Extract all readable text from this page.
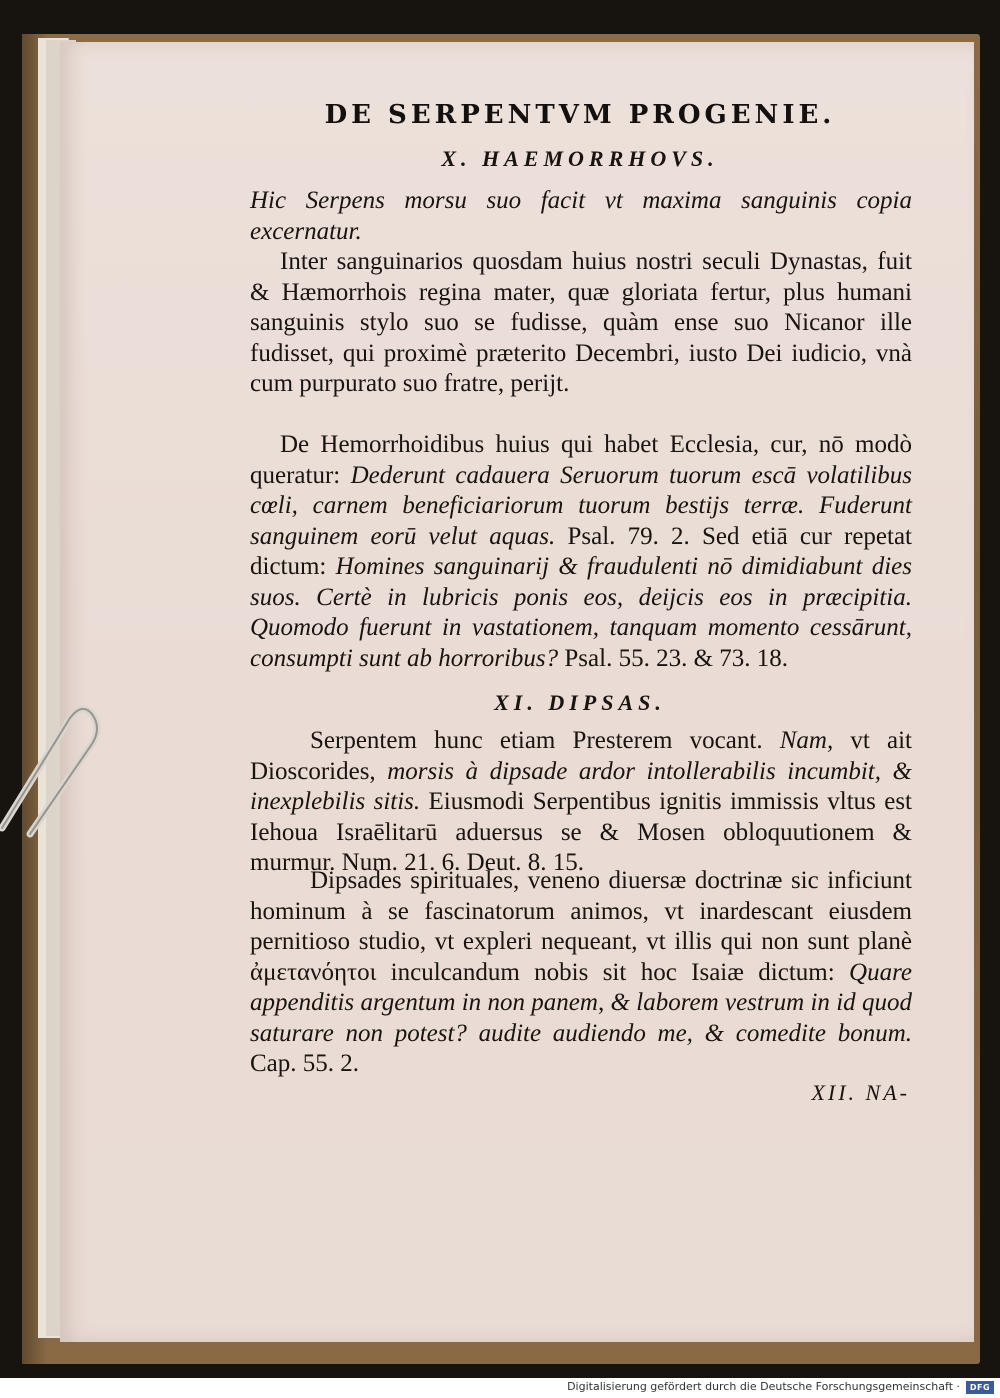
DE SERPENTVM PROGENIE.
X. HAEMORRHOVS.

Hic Serpens morsu suo facit vt maxima sanguinis copia excernatur.

Inter sanguinarios quosdam huius nostri seculi Dynastas, fuit & Hæmorrhois regina mater, quæ gloriata fertur, plus humani sanguinis stylo suo se fudisse, quàm ense suo Nicanor ille fudisset, qui proximè præterito Decembri, iusto Dei iudicio, vnà cum purpurato suo fratre, perijt.

De Hemorrhoidibus huius qui habet Ecclesia, cur, nō modò queratur: Dederunt cadauera Seruorum tuorum escā volatilibus cœli, carnem beneficiariorum tuorum bestijs terræ. Fuderunt sanguinem eorū velut aquas. Psal. 79. 2. Sed etiā cur repetat dictum: Homines sanguinarij & fraudulenti nō dimidiabunt dies suos. Certè in lubricis ponis eos, deijcis eos in præcipitia. Quomodo fuerunt in vastationem, tanquam momento cessārunt, consumpti sunt ab horroribus? Psal. 55. 23. & 73. 18.

XI. DIPSAS.

Serpentem hunc etiam Presterem vocant. Nam, vt ait Dioscorides, morsis à dipsade ardor intollerabilis incumbit, & inexplebilis sitis. Eiusmodi Serpentibus ignitis immissis vltus est Iehoua Israēlitarū aduersus se & Mosen obloquutionem & murmur. Num. 21. 6. Deut. 8. 15.

Dipsades spirituales, veneno diuersæ doctrinæ sic inficiunt hominum à se fascinatorum animos, vt inardescant eiusdem pernitioso studio, vt expleri nequeant, vt illis qui non sunt planè ἀμετανόητοι inculcandum nobis sit hoc Isaiæ dictum: Quare appenditis argentum in non panem, & laborem vestrum in id quod saturare non potest? audite audiendo me, & comedite bonum. Cap. 55. 2.

XII. NA-

Digitalisierung gefördert durch die Deutsche Forschungsgemeinschaft ·	DFG
